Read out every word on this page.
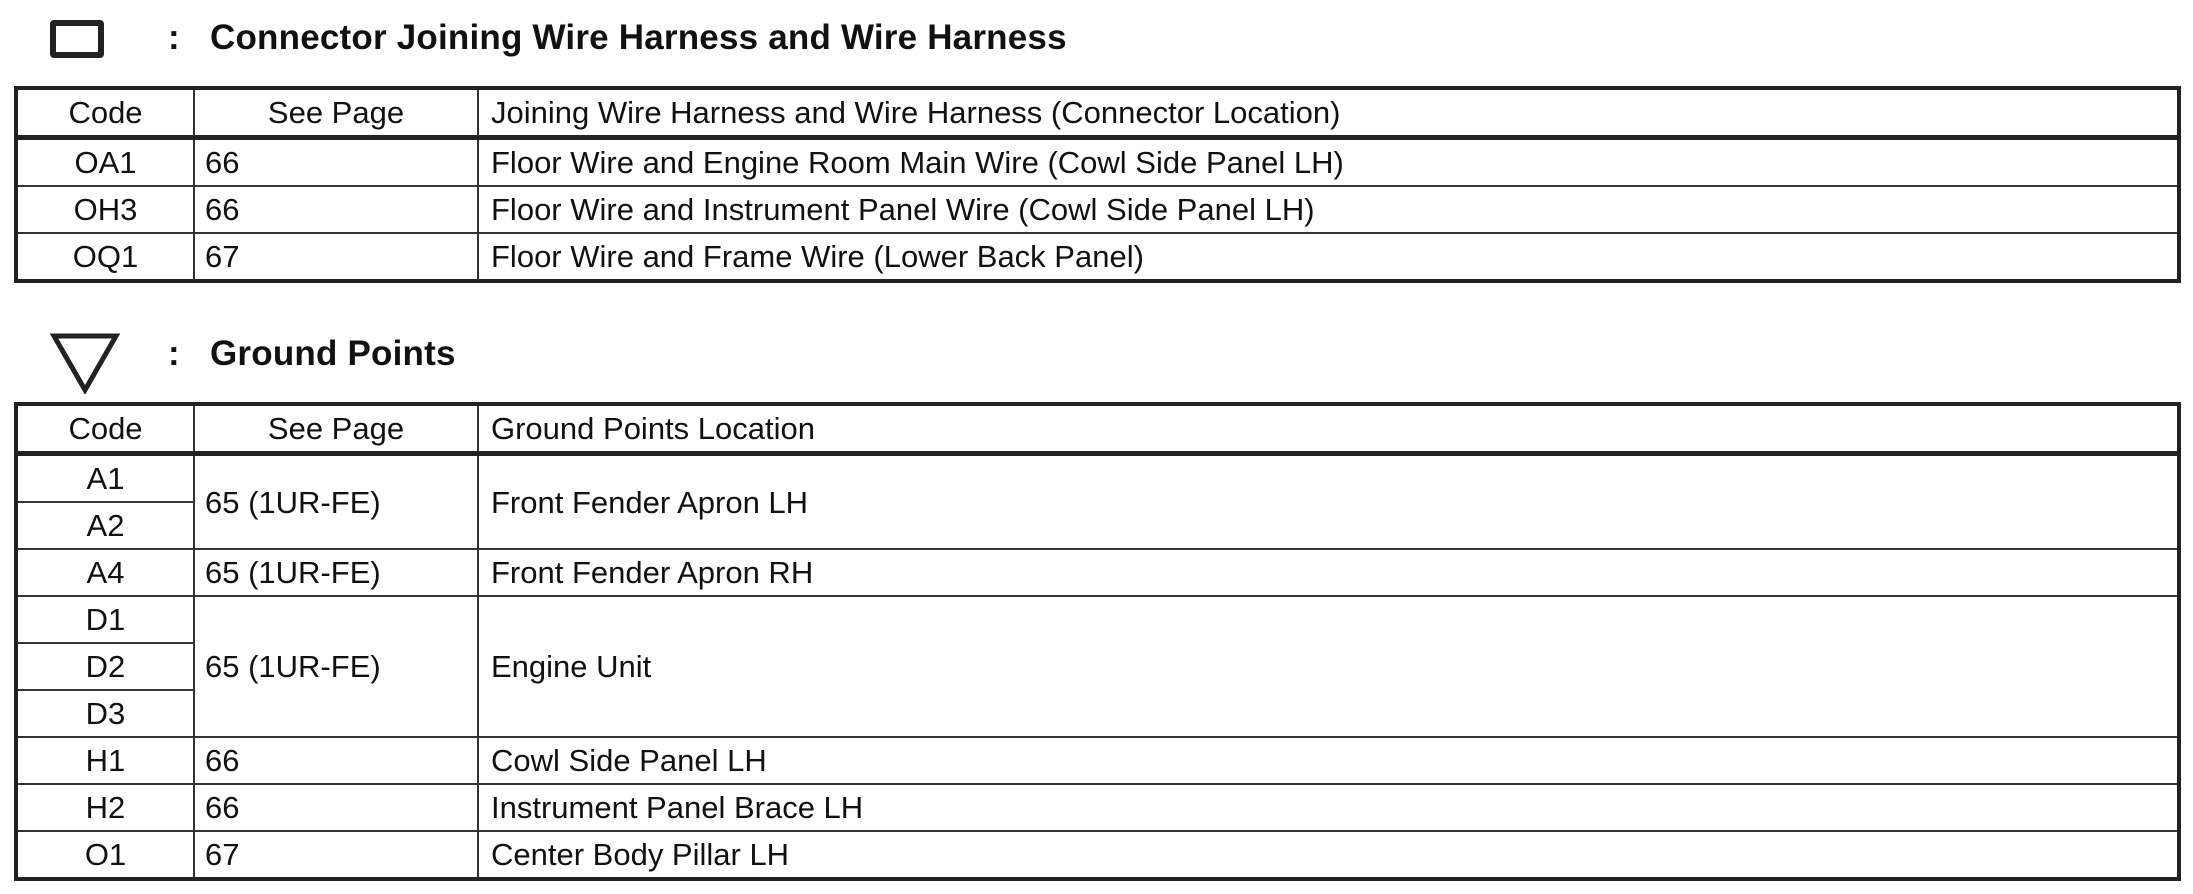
: Connector Joining Wire Harness and Wire Harness
Code	See Page	Joining Wire Harness and Wire Harness (Connector Location)
OA1	66	Floor Wire and Engine Room Main Wire (Cowl Side Panel LH)
OH3	66	Floor Wire and Instrument Panel Wire (Cowl Side Panel LH)
OQ1	67	Floor Wire and Frame Wire (Lower Back Panel)
: Ground Points
Code	See Page	Ground Points Location
A1	65 (1UR-FE)	Front Fender Apron LH
A2		
A4	65 (1UR-FE)	Front Fender Apron RH
D1	65 (1UR-FE)	Engine Unit
D2		
D3		
H1	66	Cowl Side Panel LH
H2	66	Instrument Panel Brace LH
O1	67	Center Body Pillar LH
